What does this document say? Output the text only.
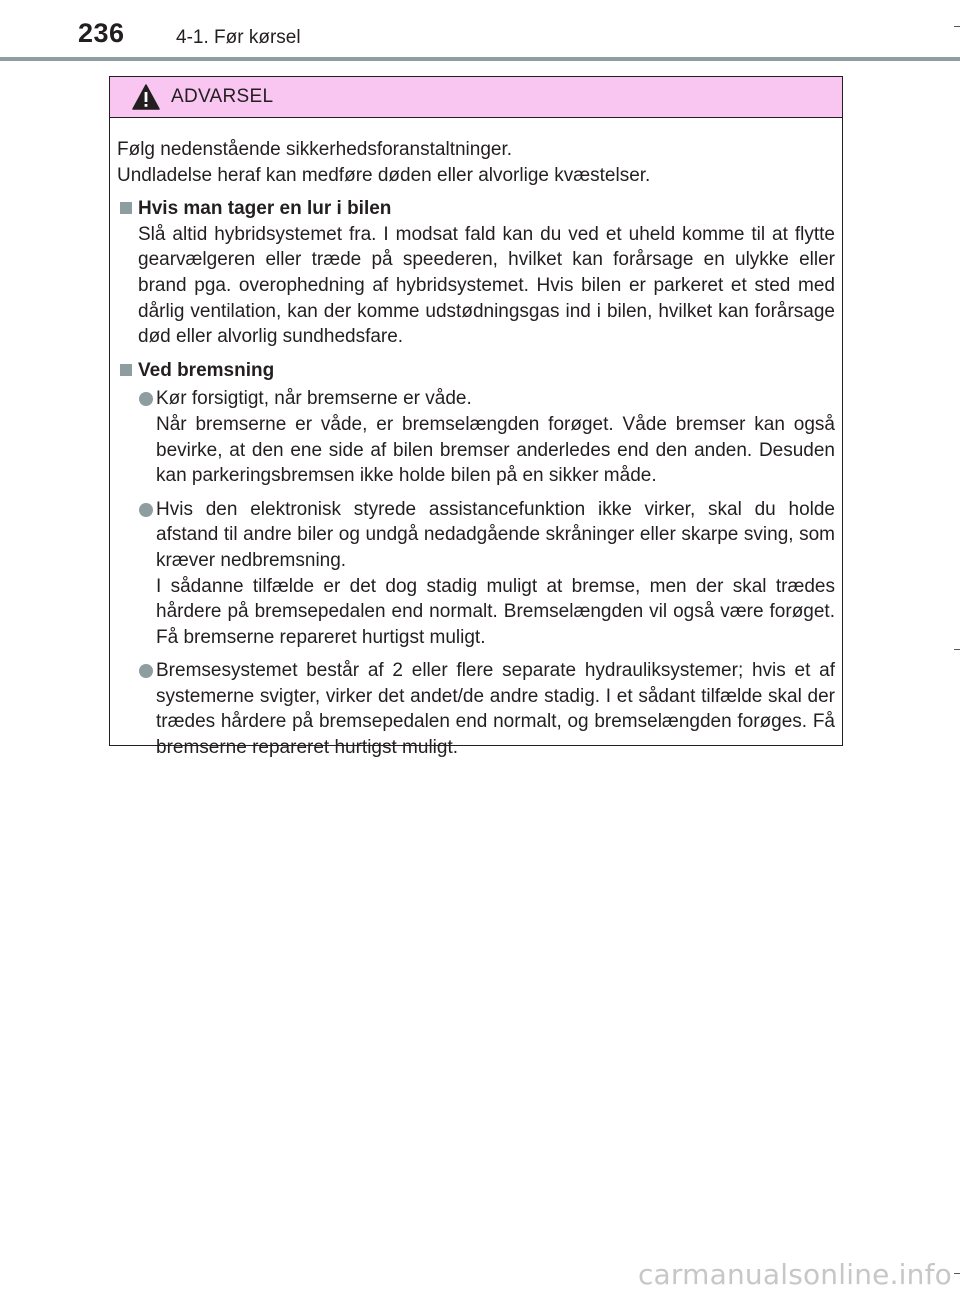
236	4-1. Før kørsel
ADVARSEL

Følg nedenstående sikkerhedsforanstaltninger.

Undladelse heraf kan medføre døden eller alvorlige kvæstelser.

Hvis man tager en lur i bilen

Slå altid hybridsystemet fra. I modsat fald kan du ved et uheld komme til at flytte gearvælgeren eller træde på speederen, hvilket kan forårsage en ulykke eller brand pga. overophedning af hybridsystemet. Hvis bilen er parkeret et sted med dårlig ventilation, kan der komme udstødningsgas ind i bilen, hvilket kan forårsage død eller alvorlig sundhedsfare.

Ved bremsning

Kør forsigtigt, når bremserne er våde.

Når bremserne er våde, er bremselængden forøget. Våde bremser kan også bevirke, at den ene side af bilen bremser anderledes end den anden. Desuden kan parkeringsbremsen ikke holde bilen på en sikker måde.

Hvis den elektronisk styrede assistancefunktion ikke virker, skal du holde afstand til andre biler og undgå nedadgående skråninger eller skarpe sving, som kræver nedbremsning.

I sådanne tilfælde er det dog stadig muligt at bremse, men der skal trædes hårdere på bremsepedalen end normalt. Bremselængden vil også være forøget. Få bremserne repareret hurtigst muligt.

Bremsesystemet består af 2 eller flere separate hydrauliksystemer; hvis et af systemerne svigter, virker det andet/de andre stadig. I et sådant tilfælde skal der trædes hårdere på bremsepedalen end normalt, og bremselængden forøges. Få bremserne repareret hurtigst muligt.

carmanualsonline.info
